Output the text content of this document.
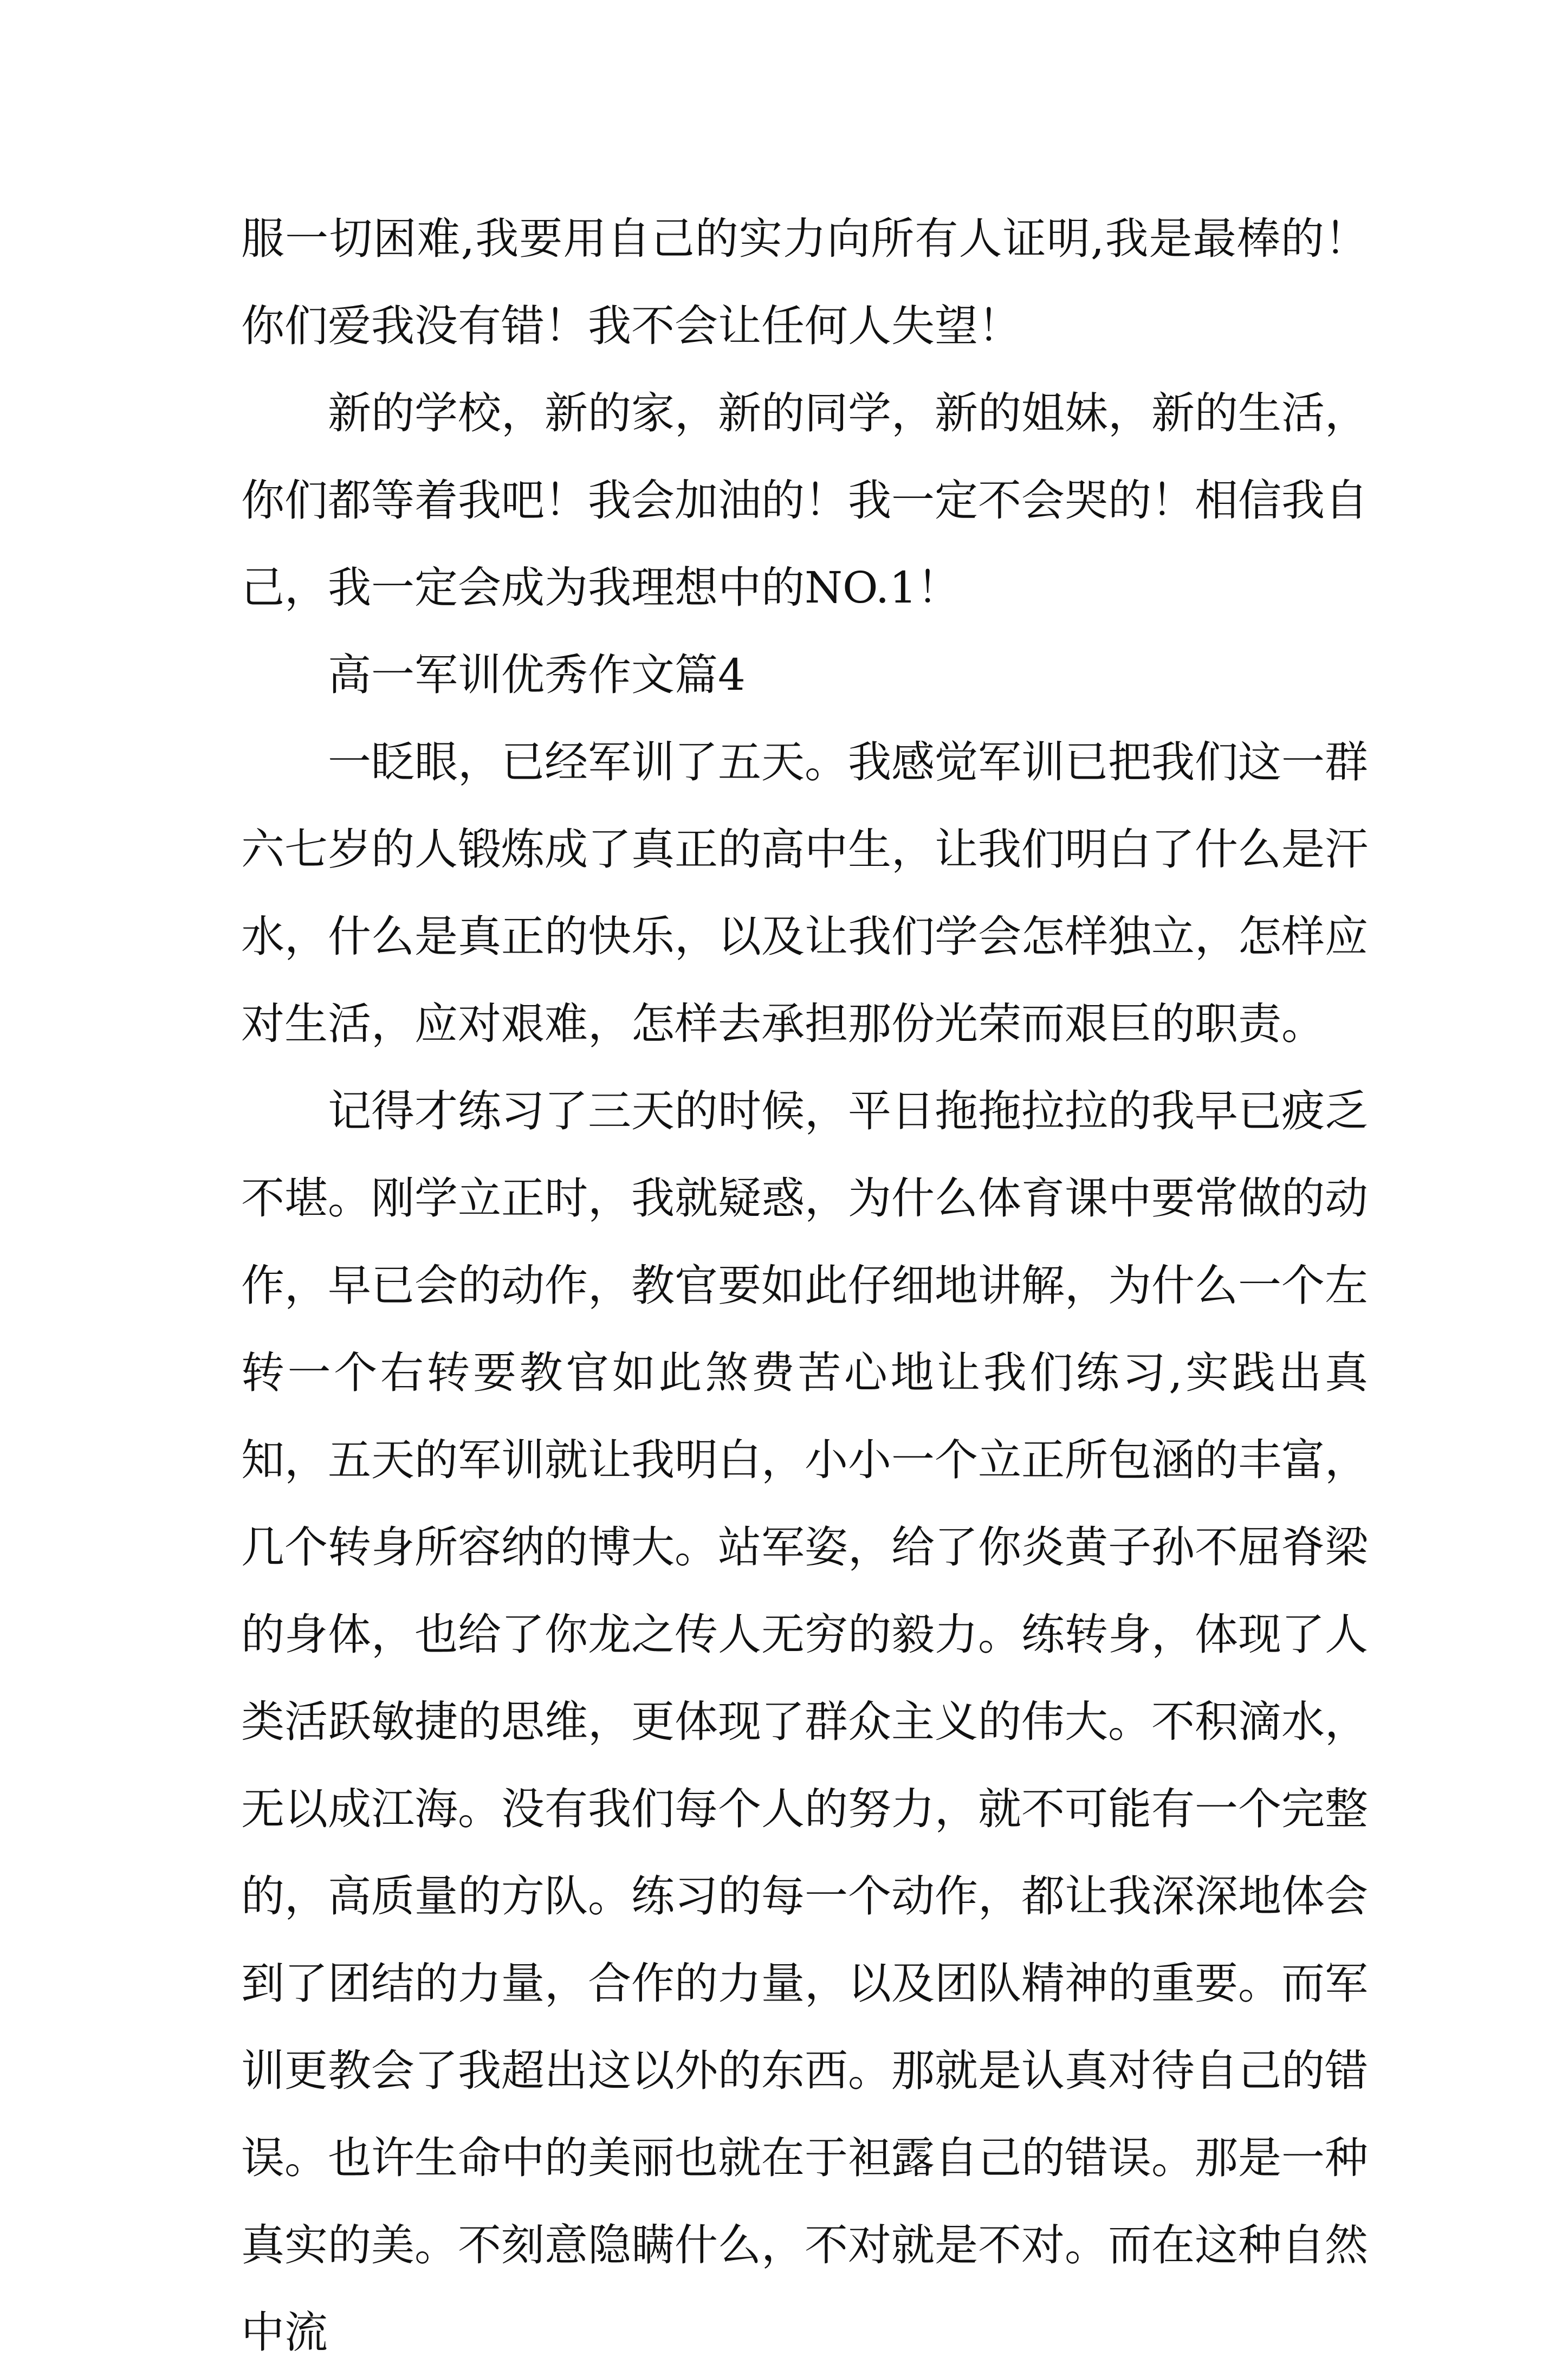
服一切困难,我要用自己的实力向所有人证明,我是最棒的！你们爱我没有错！我不会让任何人失望！

新的学校，新的家，新的同学，新的姐妹，新的生活，你们都等着我吧！我会加油的！我一定不会哭的！相信我自己，我一定会成为我理想中的NO.1！

高一军训优秀作文篇4

一眨眼，已经军训了五天。我感觉军训已把我们这一群六七岁的人锻炼成了真正的高中生，让我们明白了什么是汗水，什么是真正的快乐，以及让我们学会怎样独立，怎样应对生活，应对艰难，怎样去承担那份光荣而艰巨的职责。

记得才练习了三天的时候，平日拖拖拉拉的我早已疲乏不堪。刚学立正时，我就疑惑，为什么体育课中要常做的动作，早已会的动作，教官要如此仔细地讲解，为什么一个左转一个右转要教官如此煞费苦心地让我们练习,实践出真知，五天的军训就让我明白，小小一个立正所包涵的丰富，几个转身所容纳的博大。站军姿，给了你炎黄子孙不屈脊梁的身体，也给了你龙之传人无穷的毅力。练转身，体现了人类活跃敏捷的思维，更体现了群众主义的伟大。不积滴水，无以成江海。没有我们每个人的努力，就不可能有一个完整的，高质量的方队。练习的每一个动作，都让我深深地体会到了团结的力量，合作的力量，以及团队精神的重要。而军训更教会了我超出这以外的东西。那就是认真对待自己的错误。也许生命中的美丽也就在于袒露自己的错误。那是一种真实的美。不刻意隐瞒什么，不对就是不对。而在这种自然中流
